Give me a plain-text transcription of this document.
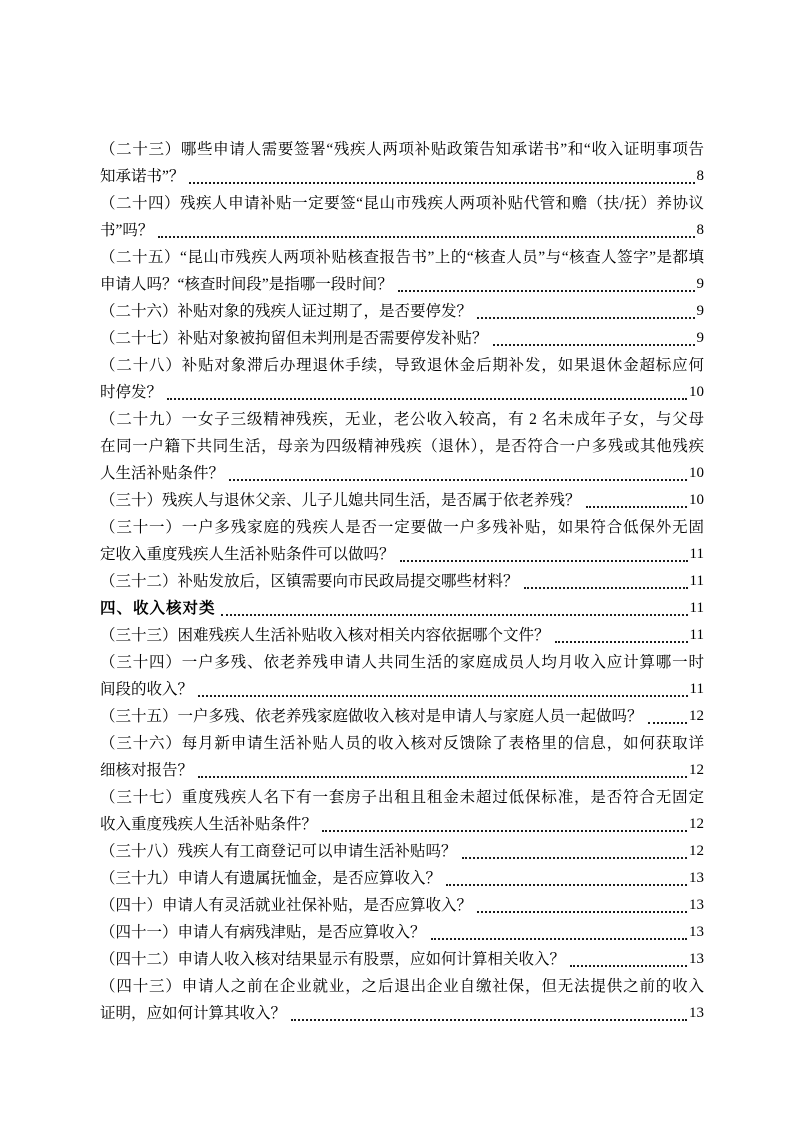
（二十三）哪些申请人需要签署“残疾人两项补贴政策告知承诺书”和“收入证明事项告
知承诺书”？	8
（二十四）残疾人申请补贴一定要签“昆山市残疾人两项补贴代管和赡（扶/抚）养协议
书”吗？	8
（二十五）“昆山市残疾人两项补贴核查报告书”上的“核查人员”与“核查人签字”是都填
申请人吗？“核查时间段”是指哪一段时间？	9
（二十六）补贴对象的残疾人证过期了，是否要停发？	9
（二十七）补贴对象被拘留但未判刑是否需要停发补贴？	9
（二十八）补贴对象滞后办理退休手续，导致退休金后期补发，如果退休金超标应何
时停发？	10
（二十九）一女子三级精神残疾，无业，老公收入较高，有 2 名未成年子女，与父母
在同一户籍下共同生活，母亲为四级精神残疾（退休），是否符合一户多残或其他残疾
人生活补贴条件？	10
（三十）残疾人与退休父亲、儿子儿媳共同生活，是否属于依老养残？	10
（三十一）一户多残家庭的残疾人是否一定要做一户多残补贴，如果符合低保外无固
定收入重度残疾人生活补贴条件可以做吗？	11
（三十二）补贴发放后，区镇需要向市民政局提交哪些材料？	11
四、收入核对类	11
（三十三）困难残疾人生活补贴收入核对相关内容依据哪个文件？	11
（三十四）一户多残、依老养残申请人共同生活的家庭成员人均月收入应计算哪一时
间段的收入？	11
（三十五）一户多残、依老养残家庭做收入核对是申请人与家庭人员一起做吗？	12
（三十六）每月新申请生活补贴人员的收入核对反馈除了表格里的信息，如何获取详
细核对报告？	12
（三十七）重度残疾人名下有一套房子出租且租金未超过低保标准，是否符合无固定
收入重度残疾人生活补贴条件？	12
（三十八）残疾人有工商登记可以申请生活补贴吗？	12
（三十九）申请人有遗属抚恤金，是否应算收入？	13
（四十）申请人有灵活就业社保补贴，是否应算收入？	13
（四十一）申请人有病残津贴，是否应算收入？	13
（四十二）申请人收入核对结果显示有股票，应如何计算相关收入？	13
（四十三）申请人之前在企业就业，之后退出企业自缴社保，但无法提供之前的收入
证明，应如何计算其收入？	13
